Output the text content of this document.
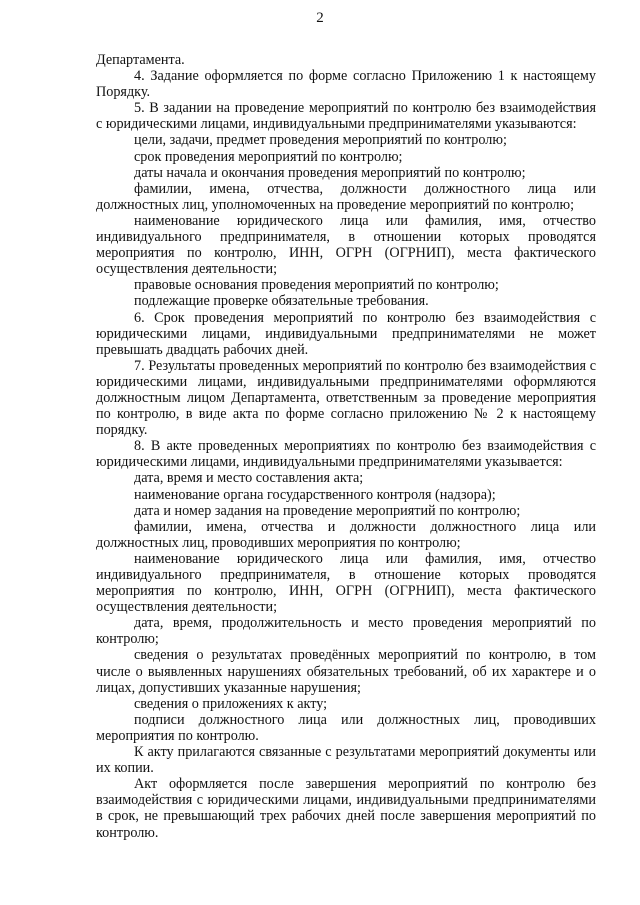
2

Департамента.

4. Задание оформляется по форме согласно Приложению 1 к настоящему Порядку.

5. В задании на проведение мероприятий по контролю без взаимодействия с юридическими лицами, индивидуальными предпринимателями указываются:

цели, задачи, предмет проведения мероприятий по контролю;

срок проведения мероприятий по контролю;

даты начала и окончания проведения мероприятий по контролю;

фамилии, имена, отчества, должности должностного лица или должностных лиц, уполномоченных на проведение мероприятий по контролю;

наименование юридического лица или фамилия, имя, отчество индивидуального предпринимателя, в отношении которых проводятся мероприятия по контролю, ИНН, ОГРН (ОГРНИП), места фактического осуществления деятельности;

правовые основания проведения мероприятий по контролю;

подлежащие проверке обязательные требования.

6. Срок проведения мероприятий по контролю без взаимодействия с юридическими лицами, индивидуальными предпринимателями не может превышать двадцать рабочих дней.

7. Результаты проведенных мероприятий по контролю без взаимодействия с юридическими лицами, индивидуальными предпринимателями оформляются должностным лицом Департамента, ответственным за проведение мероприятия по контролю, в виде акта по форме согласно приложению № 2 к настоящему порядку.

8. В акте проведенных мероприятиях по контролю без взаимодействия с юридическими лицами, индивидуальными предпринимателями указывается:

дата, время и место составления акта;

наименование органа государственного контроля (надзора);

дата и номер задания на проведение мероприятий по контролю;

фамилии, имена, отчества и должности должностного лица или должностных лиц, проводивших мероприятия по контролю;

наименование юридического лица или фамилия, имя, отчество индивидуального предпринимателя, в отношение которых проводятся мероприятия по контролю, ИНН, ОГРН (ОГРНИП), места фактического осуществления деятельности;

дата, время, продолжительность и место проведения мероприятий по контролю;

сведения о результатах проведённых мероприятий по контролю, в том числе о выявленных нарушениях обязательных требований, об их характере и о лицах, допустивших указанные нарушения;

сведения о приложениях к акту;

подписи должностного лица или должностных лиц, проводивших мероприятия по контролю.

К акту прилагаются связанные с результатами мероприятий документы или их копии.

Акт оформляется после завершения мероприятий по контролю без взаимодействия с юридическими лицами, индивидуальными предпринимателями в срок, не превышающий трех рабочих дней после завершения мероприятий по контролю.
